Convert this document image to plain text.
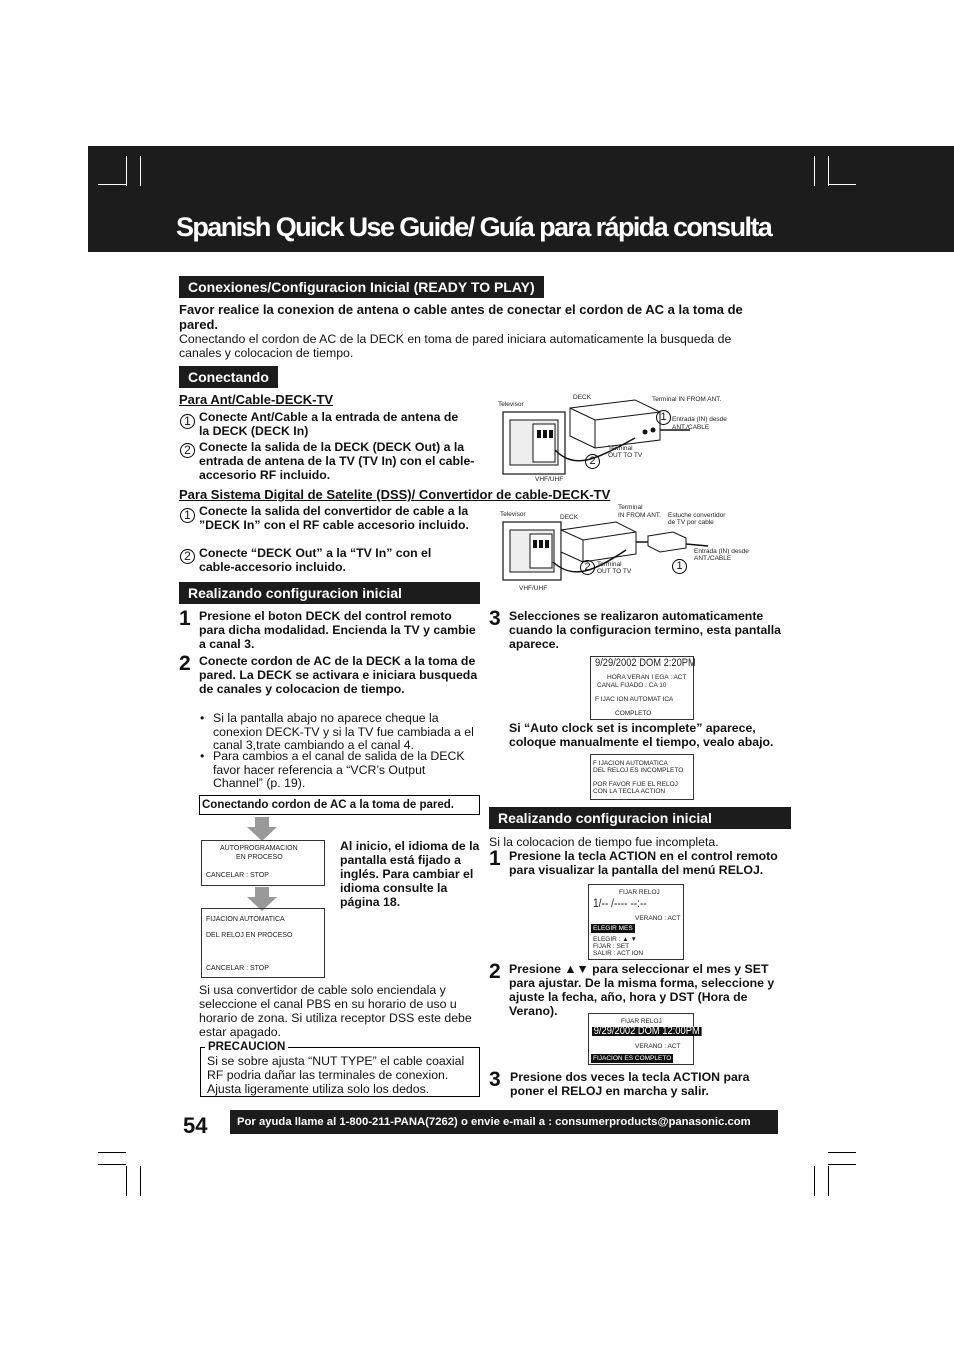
Spanish Quick Use Guide/ Guía para rápida consulta
Conexiones/Configuracion Inicial (READY TO PLAY)
Favor realice la conexion de antena o cable antes de conectar el cordon de AC a la toma de pared.
Conectando el cordon de AC de la DECK en toma de pared iniciara automaticamente la busqueda de canales y colocacion de tiempo.
Conectando
Para Ant/Cable-DECK-TV
1 Conecte Ant/Cable a la entrada de antena de la DECK (DECK In)
2 Conecte la salida de la DECK (DECK Out) a la entrada de antena de la TV (TV In) con el cable-accesorio RF incluido.
Televisor
DECK	Terminal IN FROM ANT.
Entrada (IN) desde
ANT./CABLE
Terminal
OUT TO TV
VHF/UHF
1
2
Para Sistema Digital de Satelite (DSS)/ Convertidor de cable-DECK-TV
1 Conecte la salida del convertidor de cable a la ”DECK In” con el RF cable accesorio incluido.
2 Conecte “DECK Out” a la “TV In” con el cable-accesorio incluido.
Televisor	DECK
Terminal
IN FROM ANT. Estuche convertidor
de TV por cable
Entrada (IN) desde
ANT./CABLE
Terminal
OUT TO TV
VHF/UHF
2	1
Realizando configuracion inicial
1 Presione el boton DECK del control remoto para dicha modalidad. Encienda la TV y cambie a canal 3.
2 Conecte cordon de AC de la DECK a la toma de pared. La DECK se activara e iniciara busqueda de canales y colocacion de tiempo.
• Si la pantalla abajo no aparece cheque la conexion DECK-TV y si la TV fue cambiada a el canal 3,trate cambiando a el canal 4.
• Para cambios a el canal de salida de la DECK favor hacer referencia a “VCR’s Output Channel” (p. 19).
Conectando cordon de AC a la toma de pared.
AUTOPROGRAMACION
EN PROCESO
CANCELAR : STOP
FIJACION AUTOMATICA
DEL RELOJ EN PROCESO
CANCELAR : STOP
Al inicio, el idioma de la pantalla está fijado a inglés. Para cambiar el idioma consulte la página 18.
Si usa convertidor de cable solo enciendala y seleccione el canal PBS en su horario de uso u horario de zona. Si utiliza receptor DSS este debe estar apagado.
PRECAUCION
Si se sobre ajusta “NUT TYPE” el cable coaxial RF podria dañar las terminales de conexion. Ajusta ligeramente utiliza solo los dedos.
3 Selecciones se realizaron automaticamente cuando la configuracion termino, esta pantalla aparece.
9/29/2002 DOM 2:20PM
HORA VERAN I EGA : ACT
CANAL FIJADO : CA 10
F IJAC ION AUTOMAT ICA
COMPLETO
Si “Auto clock set is incomplete” aparece, coloque manualmente el tiempo, vealo abajo.
F IJACION AUTOMATICA
DEL RELOJ ES INCOMPLETO
POR FAVOR FIJE EL RELOJ
CON LA TECLA ACTION
Realizando configuracion inicial
Si la colocacion de tiempo fue incompleta.
1 Presione la tecla ACTION en el control remoto para visualizar la pantalla del menú RELOJ.
FIJAR RELOJ
1/-- /---- --:--
VERANO : ACT
ELEGIR MES
ELEGIR : ▲ ▼
FIJAR : SET
SALIR : ACT ION
2 Presione ▲▼ para seleccionar el mes y SET para ajustar. De la misma forma, seleccione y ajuste la fecha, año, hora y DST (Hora de Verano).
FIJAR RELOJ
9/29/2002 DOM 12:00PM
VERANO : ACT
FIJACION ES COMPLETO
3 Presione dos veces la tecla ACTION para poner el RELOJ en marcha y salir.
54	Por ayuda llame al 1-800-211-PANA(7262) o envie e-mail a : consumerproducts@panasonic.com
